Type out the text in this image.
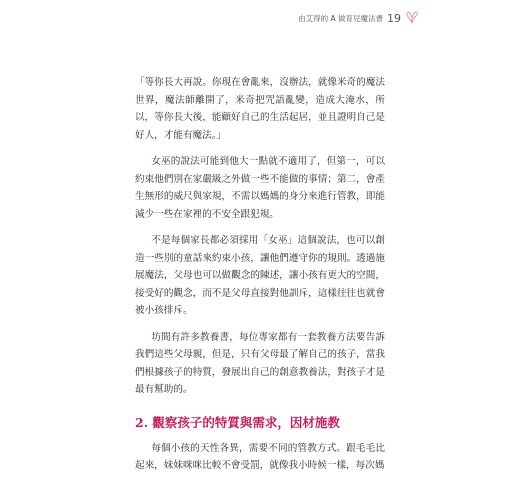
由艾得的 A 做育兒魔法書 19

「等你長大再說。你現在會亂來，沒辦法，就像米奇的魔法世界，魔法師離開了，米奇把咒語亂變，造成大淹水，所以，等你長大後，能顧好自己的生活起居，並且證明自己是好人，才能有魔法。」

女巫的說法可能到他大一點就不適用了，但第一，可以約束他們別在家嚴級之外做一些不能做的事情；第二，會產生無形的威尺與家規，不需以媽媽的身分來進行管教，即能減少一些在家裡的不安全跟犯規。

不是每個家長都必須採用「女巫」這個說法，也可以創造一些別的童話來約束小孩，讓他們遵守你的規則。透過施展魔法，父母也可以做觀念的陳述，讓小孩有更大的空間，接受好的觀念，而不是父母直接對他訓斥，這樣往往也就會被小孩排斥。

坊間有許多教養書，每位專家都有一套教養方法要告訴我們這些父母親，但是，只有父母最了解自己的孩子，當我們根據孩子的特質，發展出自己的創意教養法，對孩子才是最有幫助的。

2. 觀察孩子的特質與需求，因材施教

每個小孩的天性各異，需要不同的管教方式。跟毛毛比起來，妹妹咪咪比較不會受罰，就像我小時候一樣，每次媽
